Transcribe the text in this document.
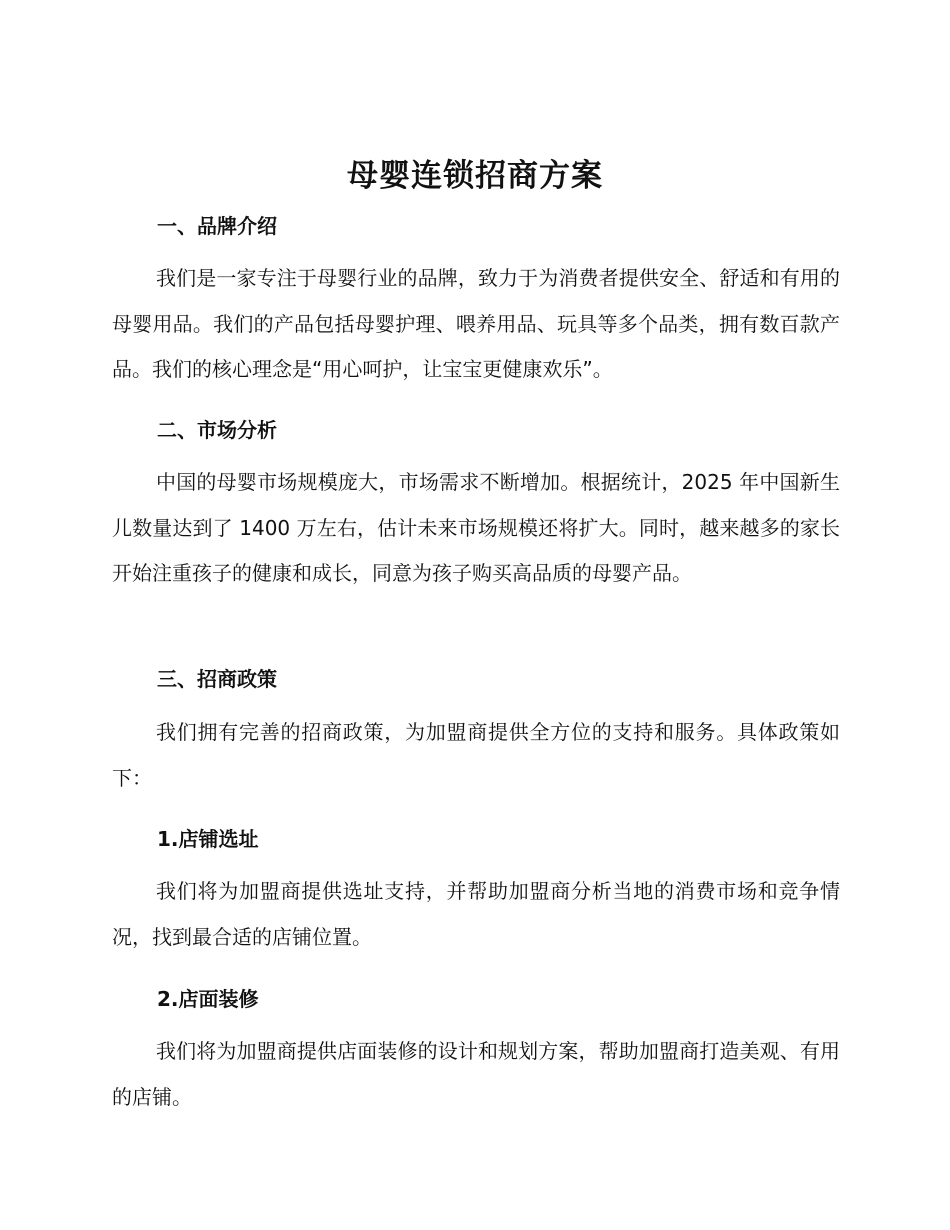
母婴连锁招商方案
一、品牌介绍

我们是一家专注于母婴行业的品牌，致力于为消费者提供安全、舒适和有用的母婴用品。我们的产品包括母婴护理、喂养用品、玩具等多个品类，拥有数百款产品。我们的核心理念是“用心呵护，让宝宝更健康欢乐”。

二、市场分析

中国的母婴市场规模庞大，市场需求不断增加。根据统计，2025 年中国新生儿数量达到了 1400 万左右，估计未来市场规模还将扩大。同时，越来越多的家长开始注重孩子的健康和成长，同意为孩子购买高品质的母婴产品。

三、招商政策

我们拥有完善的招商政策，为加盟商提供全方位的支持和服务。具体政策如下：

1.店铺选址

我们将为加盟商提供选址支持，并帮助加盟商分析当地的消费市场和竞争情况，找到最合适的店铺位置。

2.店面装修

我们将为加盟商提供店面装修的设计和规划方案，帮助加盟商打造美观、有用的店铺。
